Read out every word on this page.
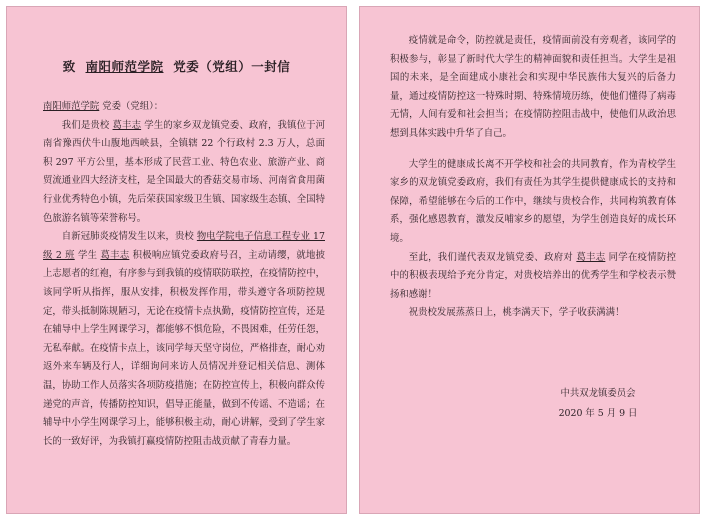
致 南阳师范学院 党委（党组）一封信

南阳师范学院 党委（党组）：

我们是贵校 葛丰志 学生的家乡双龙镇党委、政府，我镇位于河南省豫西伏牛山腹地西峡县，全镇辖 22 个行政村 2.3 万人，总面积 297 平方公里，基本形成了民营工业、特色农业、旅游产业、商贸流通业四大经济支柱，是全国最大的香菇交易市场、河南省食用菌行业优秀特色小镇，先后荣获国家级卫生镇、国家级生态镇、全国特色旅游名镇等荣誉称号。

自新冠肺炎疫情发生以来，贵校 物电学院电子信息工程专业 17 级 2 班 学生 葛丰志 积极响应镇党委政府号召，主动请缨，就地披上志愿者的红袍，有序参与到我镇的疫情联防联控，在疫情防控中，该同学听从指挥，服从安排，积极发挥作用，带头遵守各项防控规定，带头抵制陈规陋习，无论在疫情卡点执勤，疫情防控宣传，还是在辅导中上学生网课学习，都能够不惧危险，不畏困难，任劳任怨，无私奉献。在疫情卡点上，该同学每天坚守岗位，严格排查，耐心劝返外来车辆及行人，详细询问来访人员情况并登记相关信息、测体温，协助工作人员落实各项防疫措施；在防控宣传上，积极向群众传递党的声音，传播防控知识，倡导正能量，做到不传谣、不造谣；在辅导中小学生网课学习上，能够积极主动，耐心讲解，受到了学生家长的一致好评，为我镇打赢疫情防控阻击战贡献了青春力量。

疫情就是命令，防控就是责任，疫情面前没有旁观者，该同学的积极参与，彰显了新时代大学生的精神面貌和责任担当。大学生是祖国的未来，是全面建成小康社会和实现中华民族伟大复兴的后备力量，通过疫情防控这一特殊时期、特殊情境历练，使他们懂得了病毒无情，人间有爱和社会担当；在疫情防控阻击战中，使他们从政治思想到具体实践中升华了自己。

大学生的健康成长离不开学校和社会的共同教育，作为青校学生家乡的双龙镇党委政府，我们有责任为其学生提供健康成长的支持和保障，希望能够在今后的工作中，继续与贵校合作，共同构筑教育体系，强化感恩教育，激发反哺家乡的愿望，为学生创造良好的成长环境。

至此，我们谨代表双龙镇党委、政府对 葛丰志 同学在疫情防控中的积极表现给予充分肯定，对贵校培养出的优秀学生和学校表示赞扬和感谢！

祝贵校发展蒸蒸日上，桃李满天下，学子收获满满！

中共双龙镇委员会
2020 年 5 月 9 日
